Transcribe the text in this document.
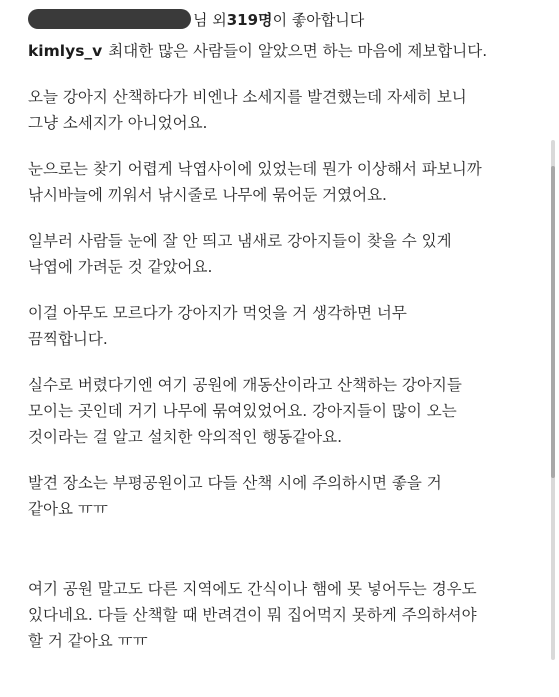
님 외 319명 이 좋아합니다

kimlys_v 최대한 많은 사람들이 알았으면 하는 마음에 제보합니다.

오늘 강아지 산책하다가 비엔나 소세지를 발견했는데 자세히 보니
그냥 소세지가 아니었어요.

눈으로는 찾기 어렵게 낙엽사이에 있었는데 뭔가 이상해서 파보니까
낚시바늘에 끼워서 낚시줄로 나무에 묶어둔 거였어요.

일부러 사람들 눈에 잘 안 띄고 냄새로 강아지들이 찾을 수 있게
낙엽에 가려둔 것 같았어요.

이걸 아무도 모르다가 강아지가 먹엇을 거 생각하면 너무
끔찍합니다.

실수로 버렸다기엔 여기 공원에 개동산이라고 산책하는 강아지들
모이는 곳인데 거기 나무에 묶여있었어요. 강아지들이 많이 오는
것이라는 걸 알고 설치한 악의적인 행동같아요.

발견 장소는 부평공원이고 다들 산책 시에 주의하시면 좋을 거
같아요 ㅠㅠ

여기 공원 말고도 다른 지역에도 간식이나 햄에 못 넣어두는 경우도
있다네요. 다들 산책할 때 반려견이 뭐 집어먹지 못하게 주의하셔야
할 거 같아요 ㅠㅠ
